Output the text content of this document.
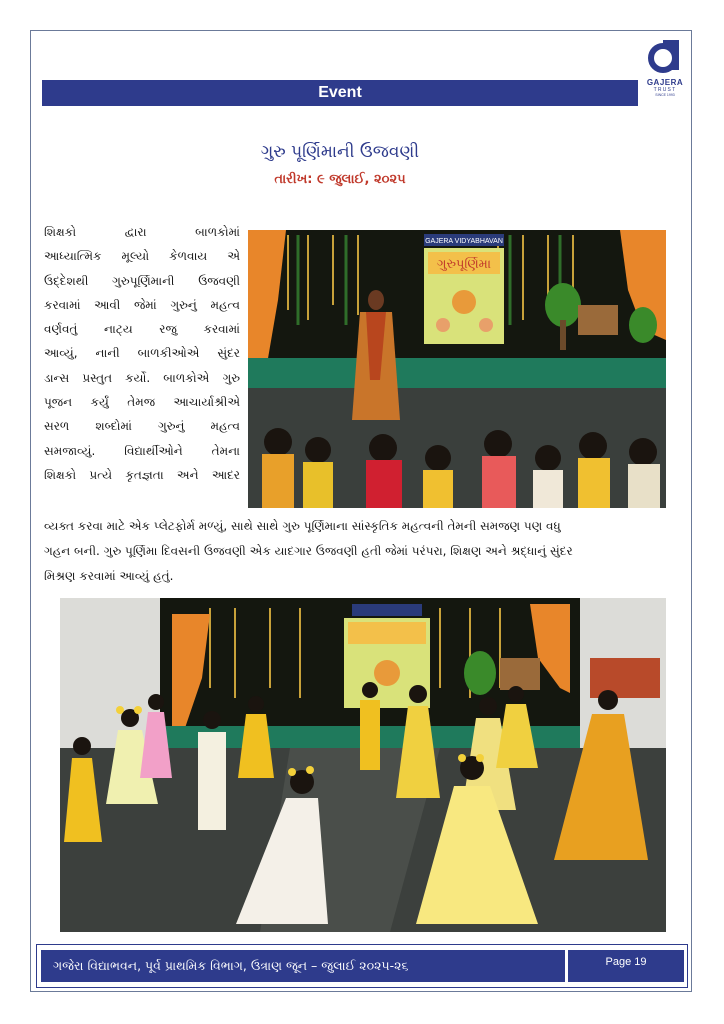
Event
GAJERA
TRUST
SINCE 1993
ગુરુ પૂર્ણિમાની ઉજવણી
તારીખ: ૯ જુલાઈ, ૨૦૨૫
શિક્ષકો દ્વારા બાળકોમાં
આધ્યાત્મિક મૂલ્યો કેળવાય એ
ઉદ્દેશથી ગુરુપૂર્ણિમાની ઉજવણી
કરવામાં આવી જેમાં ગુરુનું મહત્વ
વર્ણવતું નાટ્ય રજુ કરવામાં
આવ્યું, નાની બાળકીઓએ સુંદર
ડાન્સ પ્રસ્તુત કર્યો. બાળકોએ ગુરુ
પૂજન કર્યું તેમજ આચાર્યાશ્રીએ
સરળ શબ્દોમાં ગુરુનું મહત્વ
સમજાવ્યું. વિદ્યાર્થીઓને તેમના
શિક્ષકો પ્રત્યે કૃતજ્ઞતા અને આદર
GAJERA VIDYABHAVAN
ગુરુપૂર્ણિમા
વ્યક્ત કરવા માટે એક પ્લેટફોર્મ મળ્યું, સાથે સાથે ગુરુ પૂર્ણિમાના સાંસ્કૃતિક મહત્વની તેમની સમજણ પણ વધુ
ગહન બની. ગુરુ પૂર્ણિમા દિવસની ઉજવણી એક યાદગાર ઉજવણી હતી જેમાં પરંપરા, શિક્ષણ અને શ્રદ્ધાનું સુંદર
મિશ્રણ કરવામાં આવ્યું હતું.
ગજેરા વિદ્યાભવન, પૂર્વ પ્રાથમિક વિભાગ, ઉત્રાણ જૂન – જુલાઈ ૨૦૨૫-૨૬	Page 19
